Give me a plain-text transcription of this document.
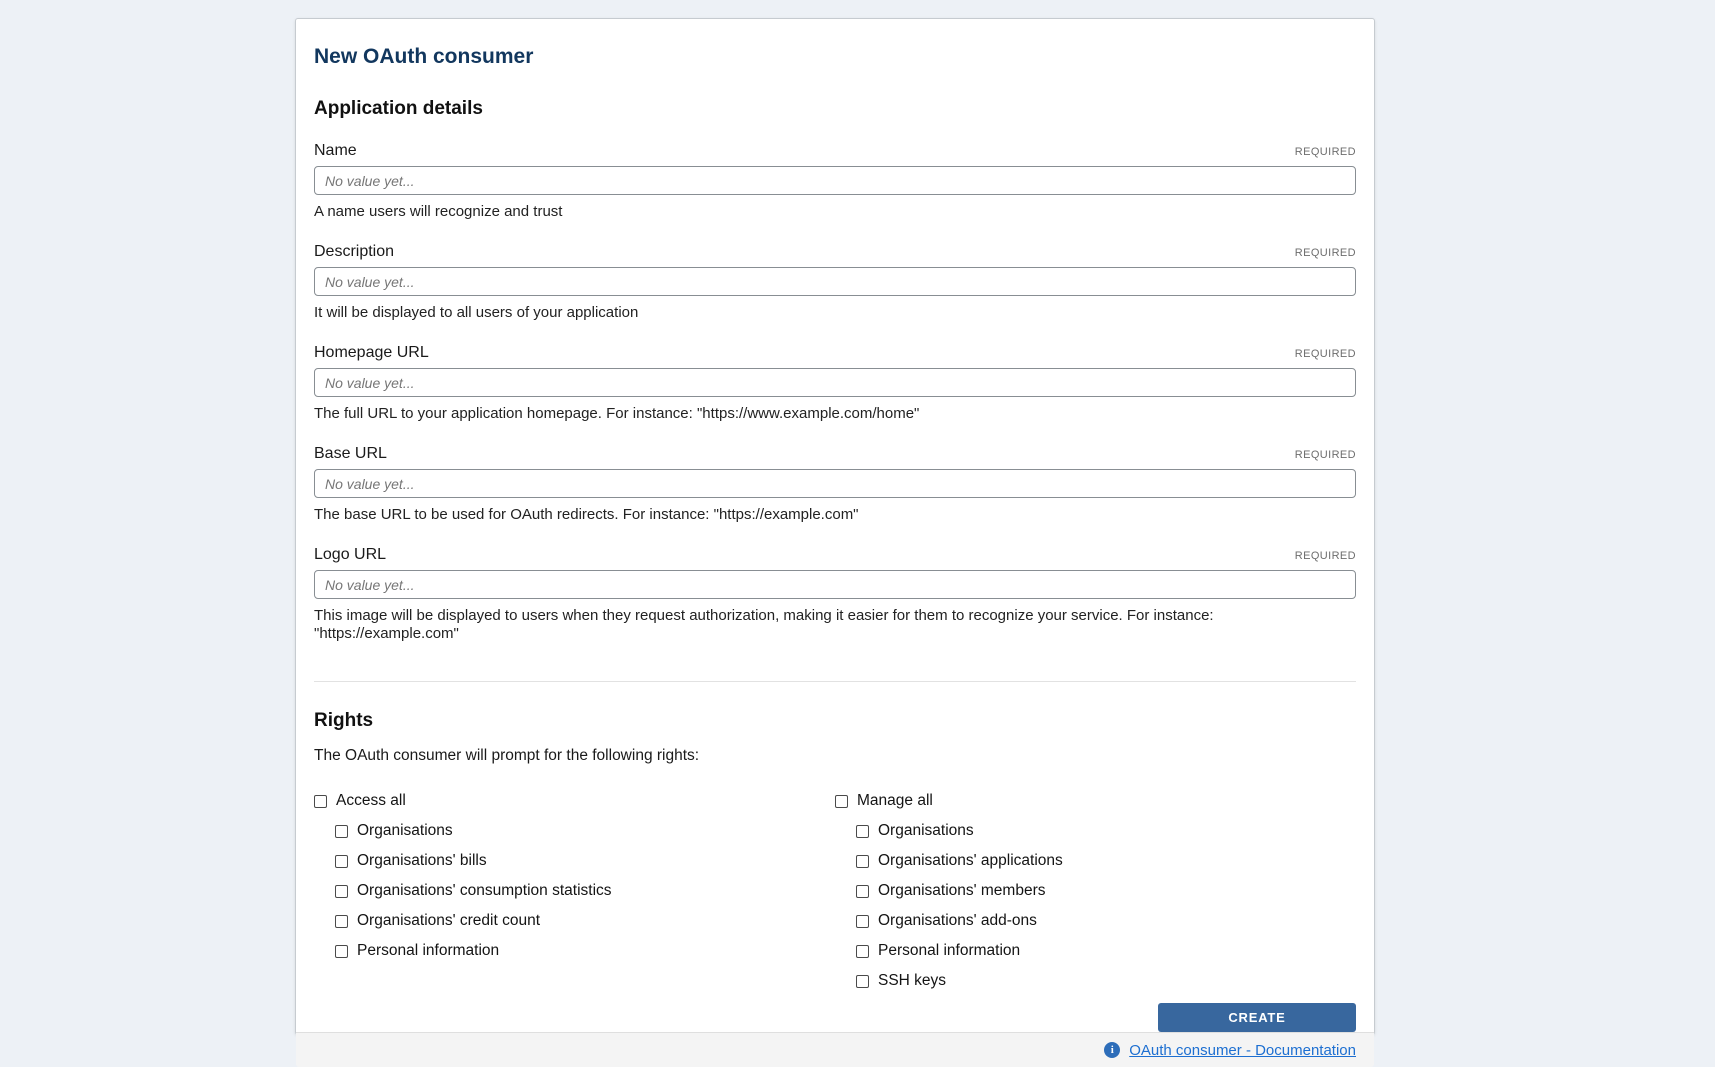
New OAuth consumer
Application details
Name	REQUIRED
No value yet...
A name users will recognize and trust
Description	REQUIRED
No value yet...
It will be displayed to all users of your application
Homepage URL	REQUIRED
No value yet...
The full URL to your application homepage. For instance: "https://www.example.com/home"
Base URL	REQUIRED
No value yet...
The base URL to be used for OAuth redirects. For instance: "https://example.com"
Logo URL	REQUIRED
No value yet...
This image will be displayed to users when they request authorization, making it easier for them to recognize your service. For instance: "https://example.com"
Rights
The OAuth consumer will prompt for the following rights:
Access all
Organisations
Organisations' bills
Organisations' consumption statistics
Organisations' credit count
Personal information
Manage all
Organisations
Organisations' applications
Organisations' members
Organisations' add-ons
Personal information
SSH keys
CREATE
i
OAuth consumer - Documentation
